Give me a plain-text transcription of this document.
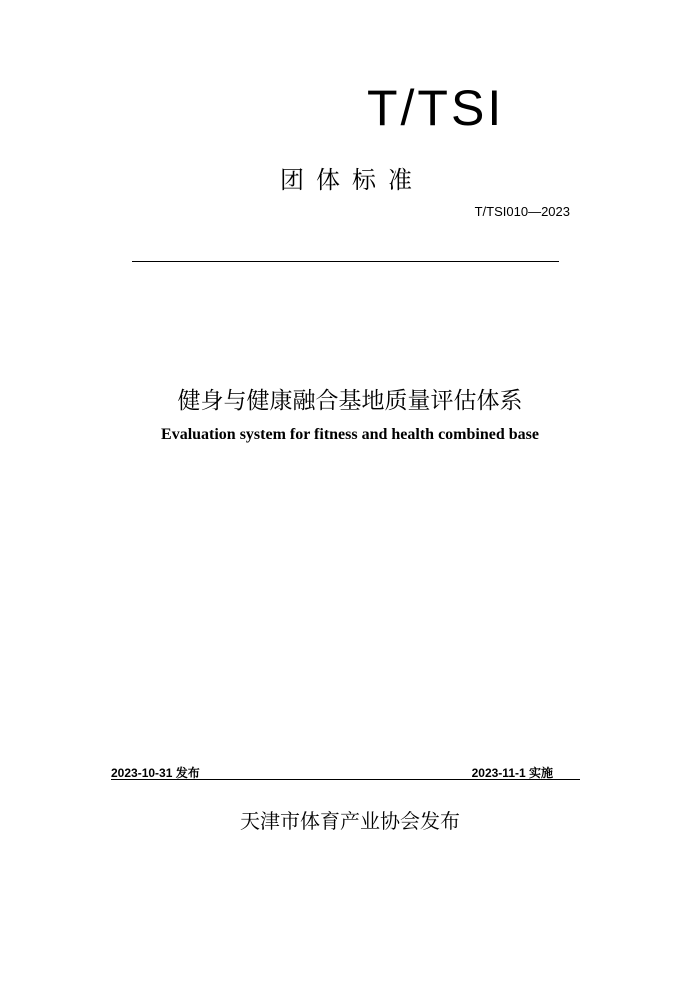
T/TSI
团体标准
T/TSI010—2023
健身与健康融合基地质量评估体系
Evaluation system for fitness and health combined base
2023-10-31 发布	2023-11-1 实施
天津市体育产业协会发布
